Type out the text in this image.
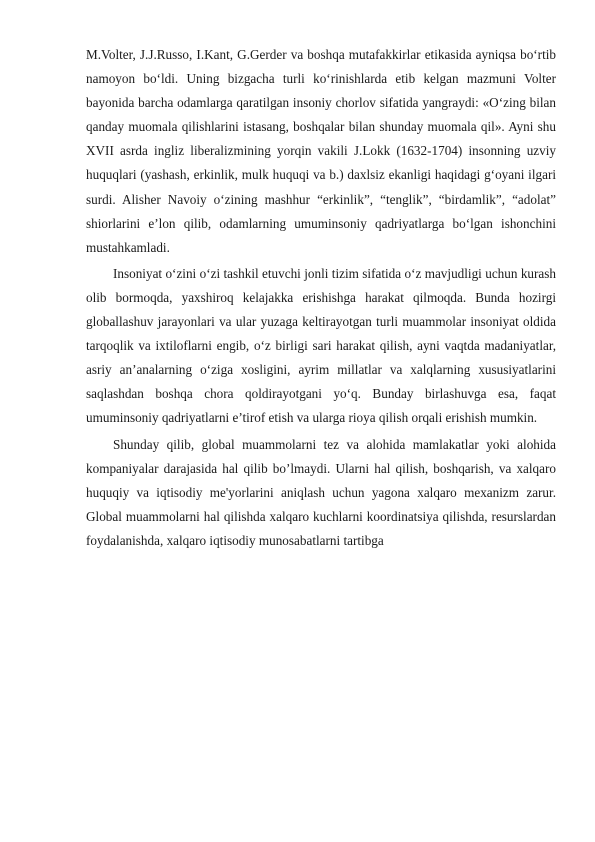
M.Volter, J.J.Russo, I.Kant, G.Gerder va boshqa mutafakkirlar etikasida ayniqsa bo‘rtib namoyon bo‘ldi. Uning bizgacha turli ko‘rinishlarda etib kelgan mazmuni Volter bayonida barcha odamlarga qaratilgan insoniy chorlov sifatida yangraydi: «O‘zing bilan qanday muomala qilishlarini istasang, boshqalar bilan shunday muomala qil». Ayni shu XVII asrda ingliz liberalizmining yorqin vakili J.Lokk (1632-1704) insonning uzviy huquqlari (yashash, erkinlik, mulk huquqi va b.) daxlsiz ekanligi haqidagi g‘oyani ilgari surdi. Alisher Navoiy o‘zining mashhur “erkinlik”, “tenglik”, “birdamlik”, “adolat” shiorlarini e’lon qilib, odamlarning umuminsoniy qadriyatlarga bo‘lgan ishonchini mustahkamladi.

Insoniyat o‘zini o‘zi tashkil etuvchi jonli tizim sifatida o‘z mavjudligi uchun kurash olib bormoqda, yaxshiroq kelajakka erishishga harakat qilmoqda. Bunda hozirgi globallashuv jarayonlari va ular yuzaga keltirayotgan turli muammolar insoniyat oldida tarqoqlik va ixtiloflarni engib, o‘z birligi sari harakat qilish, ayni vaqtda madaniyatlar, asriy an’analarning o‘ziga xosligini, ayrim millatlar va xalqlarning xususiyatlarini saqlashdan boshqa chora qoldirayotgani yo‘q. Bunday birlashuvga esa, faqat umuminsoniy qadriyatlarni e’tirof etish va ularga rioya qilish orqali erishish mumkin.

Shunday qilib, global muammolarni tez va alohida mamlakatlar yoki alohida kompaniyalar darajasida hal qilib bo’lmaydi. Ularni hal qilish, boshqarish, va xalqaro huquqiy va iqtisodiy me'yorlarini aniqlash uchun yagona xalqaro mexanizm zarur. Global muammolarni hal qilishda xalqaro kuchlarni koordinatsiya qilishda, resurslardan foydalanishda, xalqaro iqtisodiy munosabatlarni tartibga
